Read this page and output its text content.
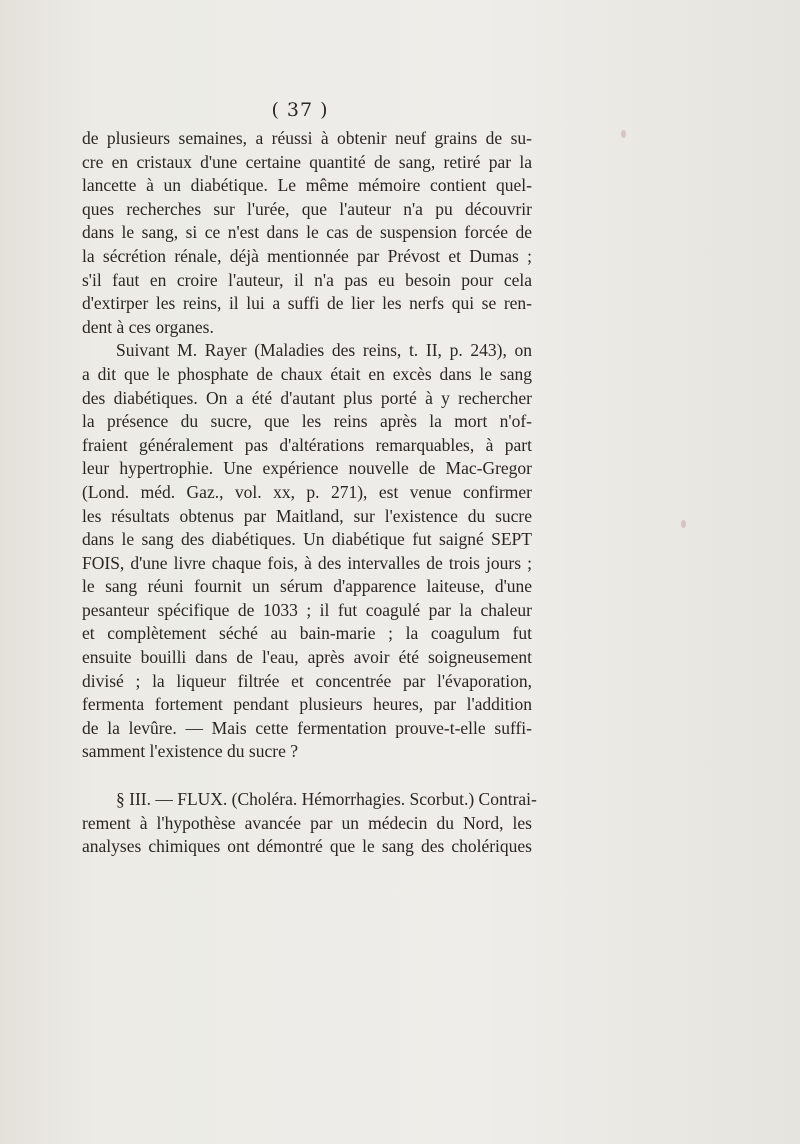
( 37 )
de plusieurs semaines, a réussi à obtenir neuf grains de su-
cre en cristaux d'une certaine quantité de sang, retiré par la
lancette à un diabétique. Le même mémoire contient quel-
ques recherches sur l'urée, que l'auteur n'a pu découvrir
dans le sang, si ce n'est dans le cas de suspension forcée de
la sécrétion rénale, déjà mentionnée par Prévost et Dumas ;
s'il faut en croire l'auteur, il n'a pas eu besoin pour cela
d'extirper les reins, il lui a suffi de lier les nerfs qui se ren-
dent à ces organes.
Suivant M. Rayer (Maladies des reins, t. II, p. 243), on
a dit que le phosphate de chaux était en excès dans le sang
des diabétiques. On a été d'autant plus porté à y rechercher
la présence du sucre, que les reins après la mort n'of-
fraient généralement pas d'altérations remarquables, à part
leur hypertrophie. Une expérience nouvelle de Mac-Gregor
(Lond. méd. Gaz., vol. xx, p. 271), est venue confirmer
les résultats obtenus par Maitland, sur l'existence du sucre
dans le sang des diabétiques. Un diabétique fut saigné SEPT
FOIS, d'une livre chaque fois, à des intervalles de trois jours ;
le sang réuni fournit un sérum d'apparence laiteuse, d'une
pesanteur spécifique de 1033 ; il fut coagulé par la chaleur
et complètement séché au bain-marie ; la coagulum fut
ensuite bouilli dans de l'eau, après avoir été soigneusement
divisé ; la liqueur filtrée et concentrée par l'évaporation,
fermenta fortement pendant plusieurs heures, par l'addition
de la levûre. — Mais cette fermentation prouve-t-elle suffi-
samment l'existence du sucre ?
§ III. — FLUX. (Choléra. Hémorrhagies. Scorbut.) Contrai-
rement à l'hypothèse avancée par un médecin du Nord, les
analyses chimiques ont démontré que le sang des cholériques
